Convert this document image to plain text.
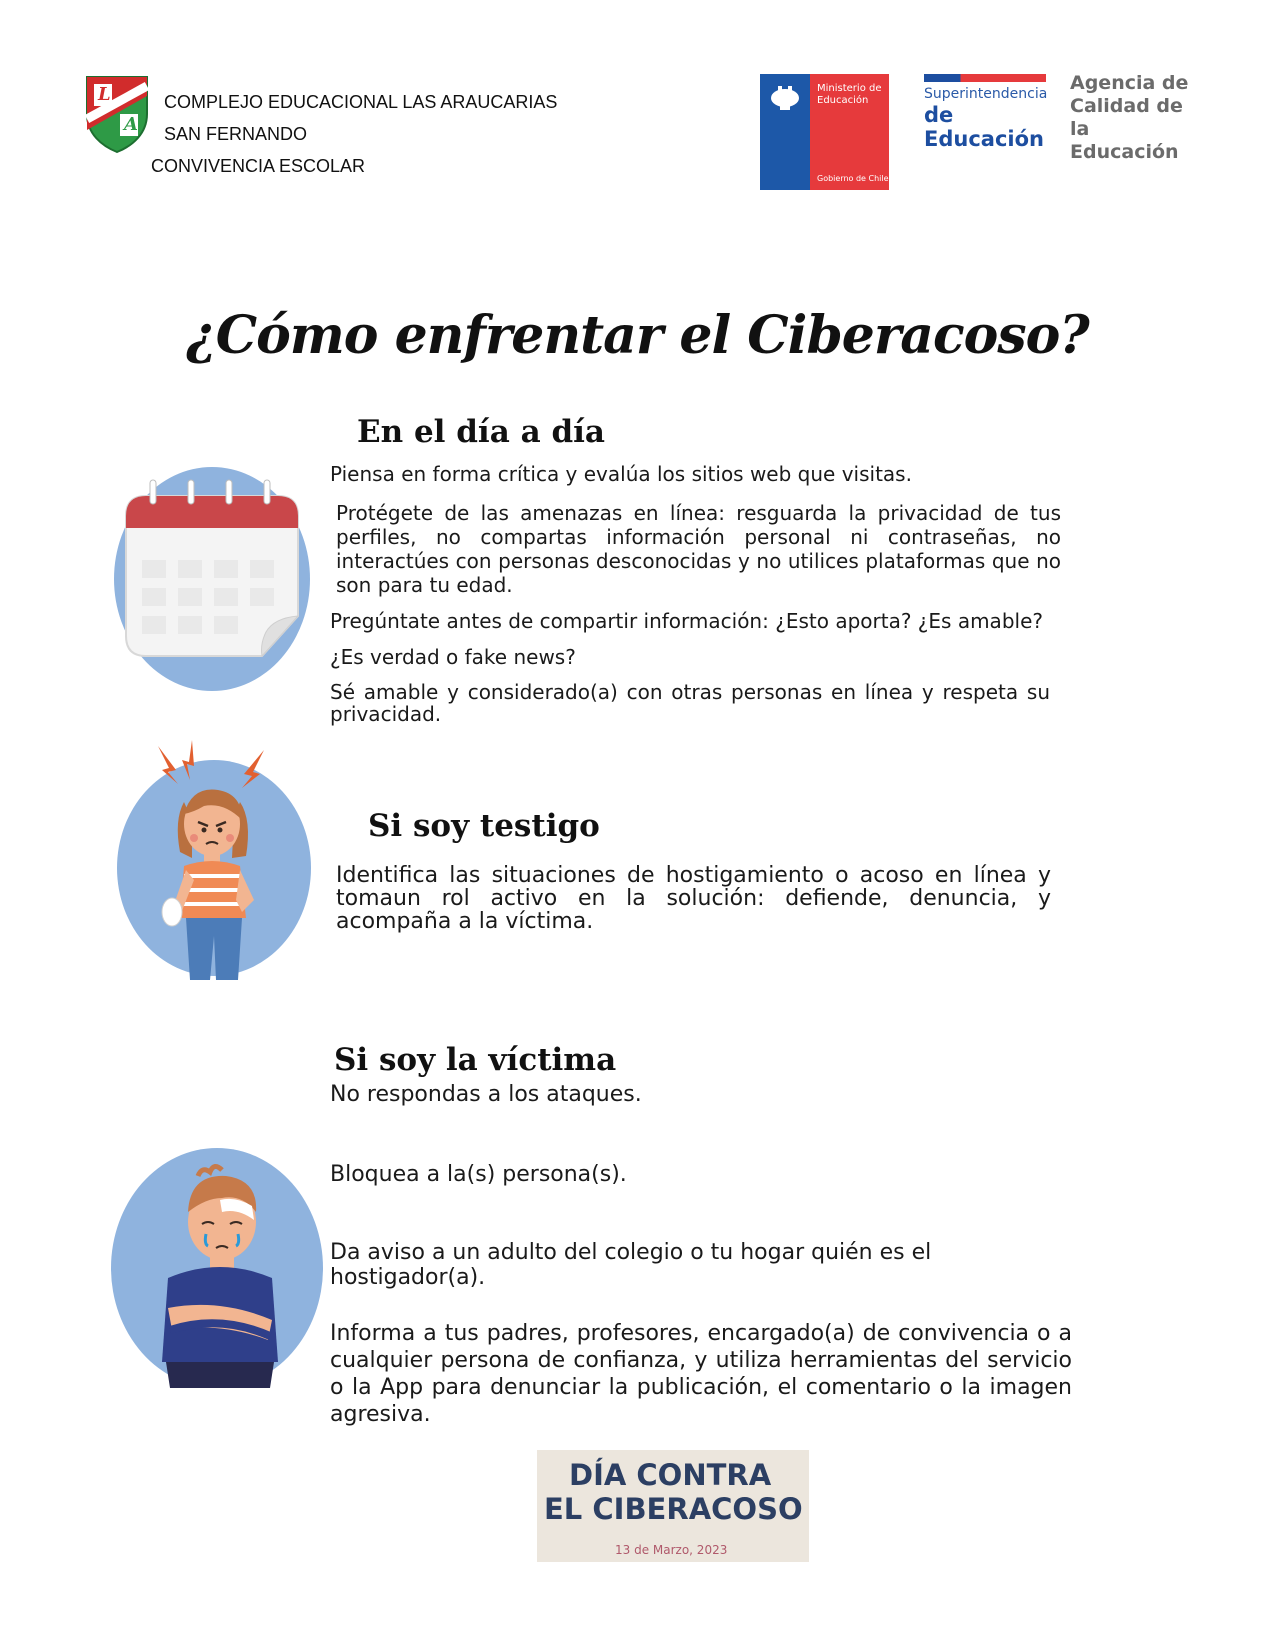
L
A
COMPLEJO EDUCACIONAL LAS ARAUCARIAS
SAN FERNANDO
CONVIVENCIA ESCOLAR
Ministerio de
Educación
Gobierno de Chile
Superintendencia
de Educación
Agencia de
Calidad de la
Educación
¿Cómo enfrentar el Ciberacoso?
En el día a día
Piensa en forma crítica y evalúa los sitios web que visitas.
Protégete de las amenazas en línea: resguarda la privacidad de tus perfiles, no compartas información personal ni contraseñas, no interactúes con personas desconocidas y no utilices plataformas que no son para tu edad.
Pregúntate antes de compartir información: ¿Esto aporta? ¿Es amable?
¿Es verdad o fake news?
Sé amable y considerado(a) con otras personas en línea y respeta su privacidad.
Si soy testigo
Identifica las situaciones de hostigamiento o acoso en línea y tomaun rol activo en la solución: defiende, denuncia, y acompaña a la víctima.
Si soy la víctima
No respondas a los ataques.
Bloquea a la(s) persona(s).
Da aviso a un adulto del colegio o tu hogar quién es el hostigador(a).
Informa a tus padres, profesores, encargado(a) de convivencia o a cualquier persona de confianza, y utiliza herramientas del servicio o la App para denunciar la publicación, el comentario o la imagen agresiva.
DÍA CONTRA
EL CIBERACOSO
13 de Marzo, 2023
